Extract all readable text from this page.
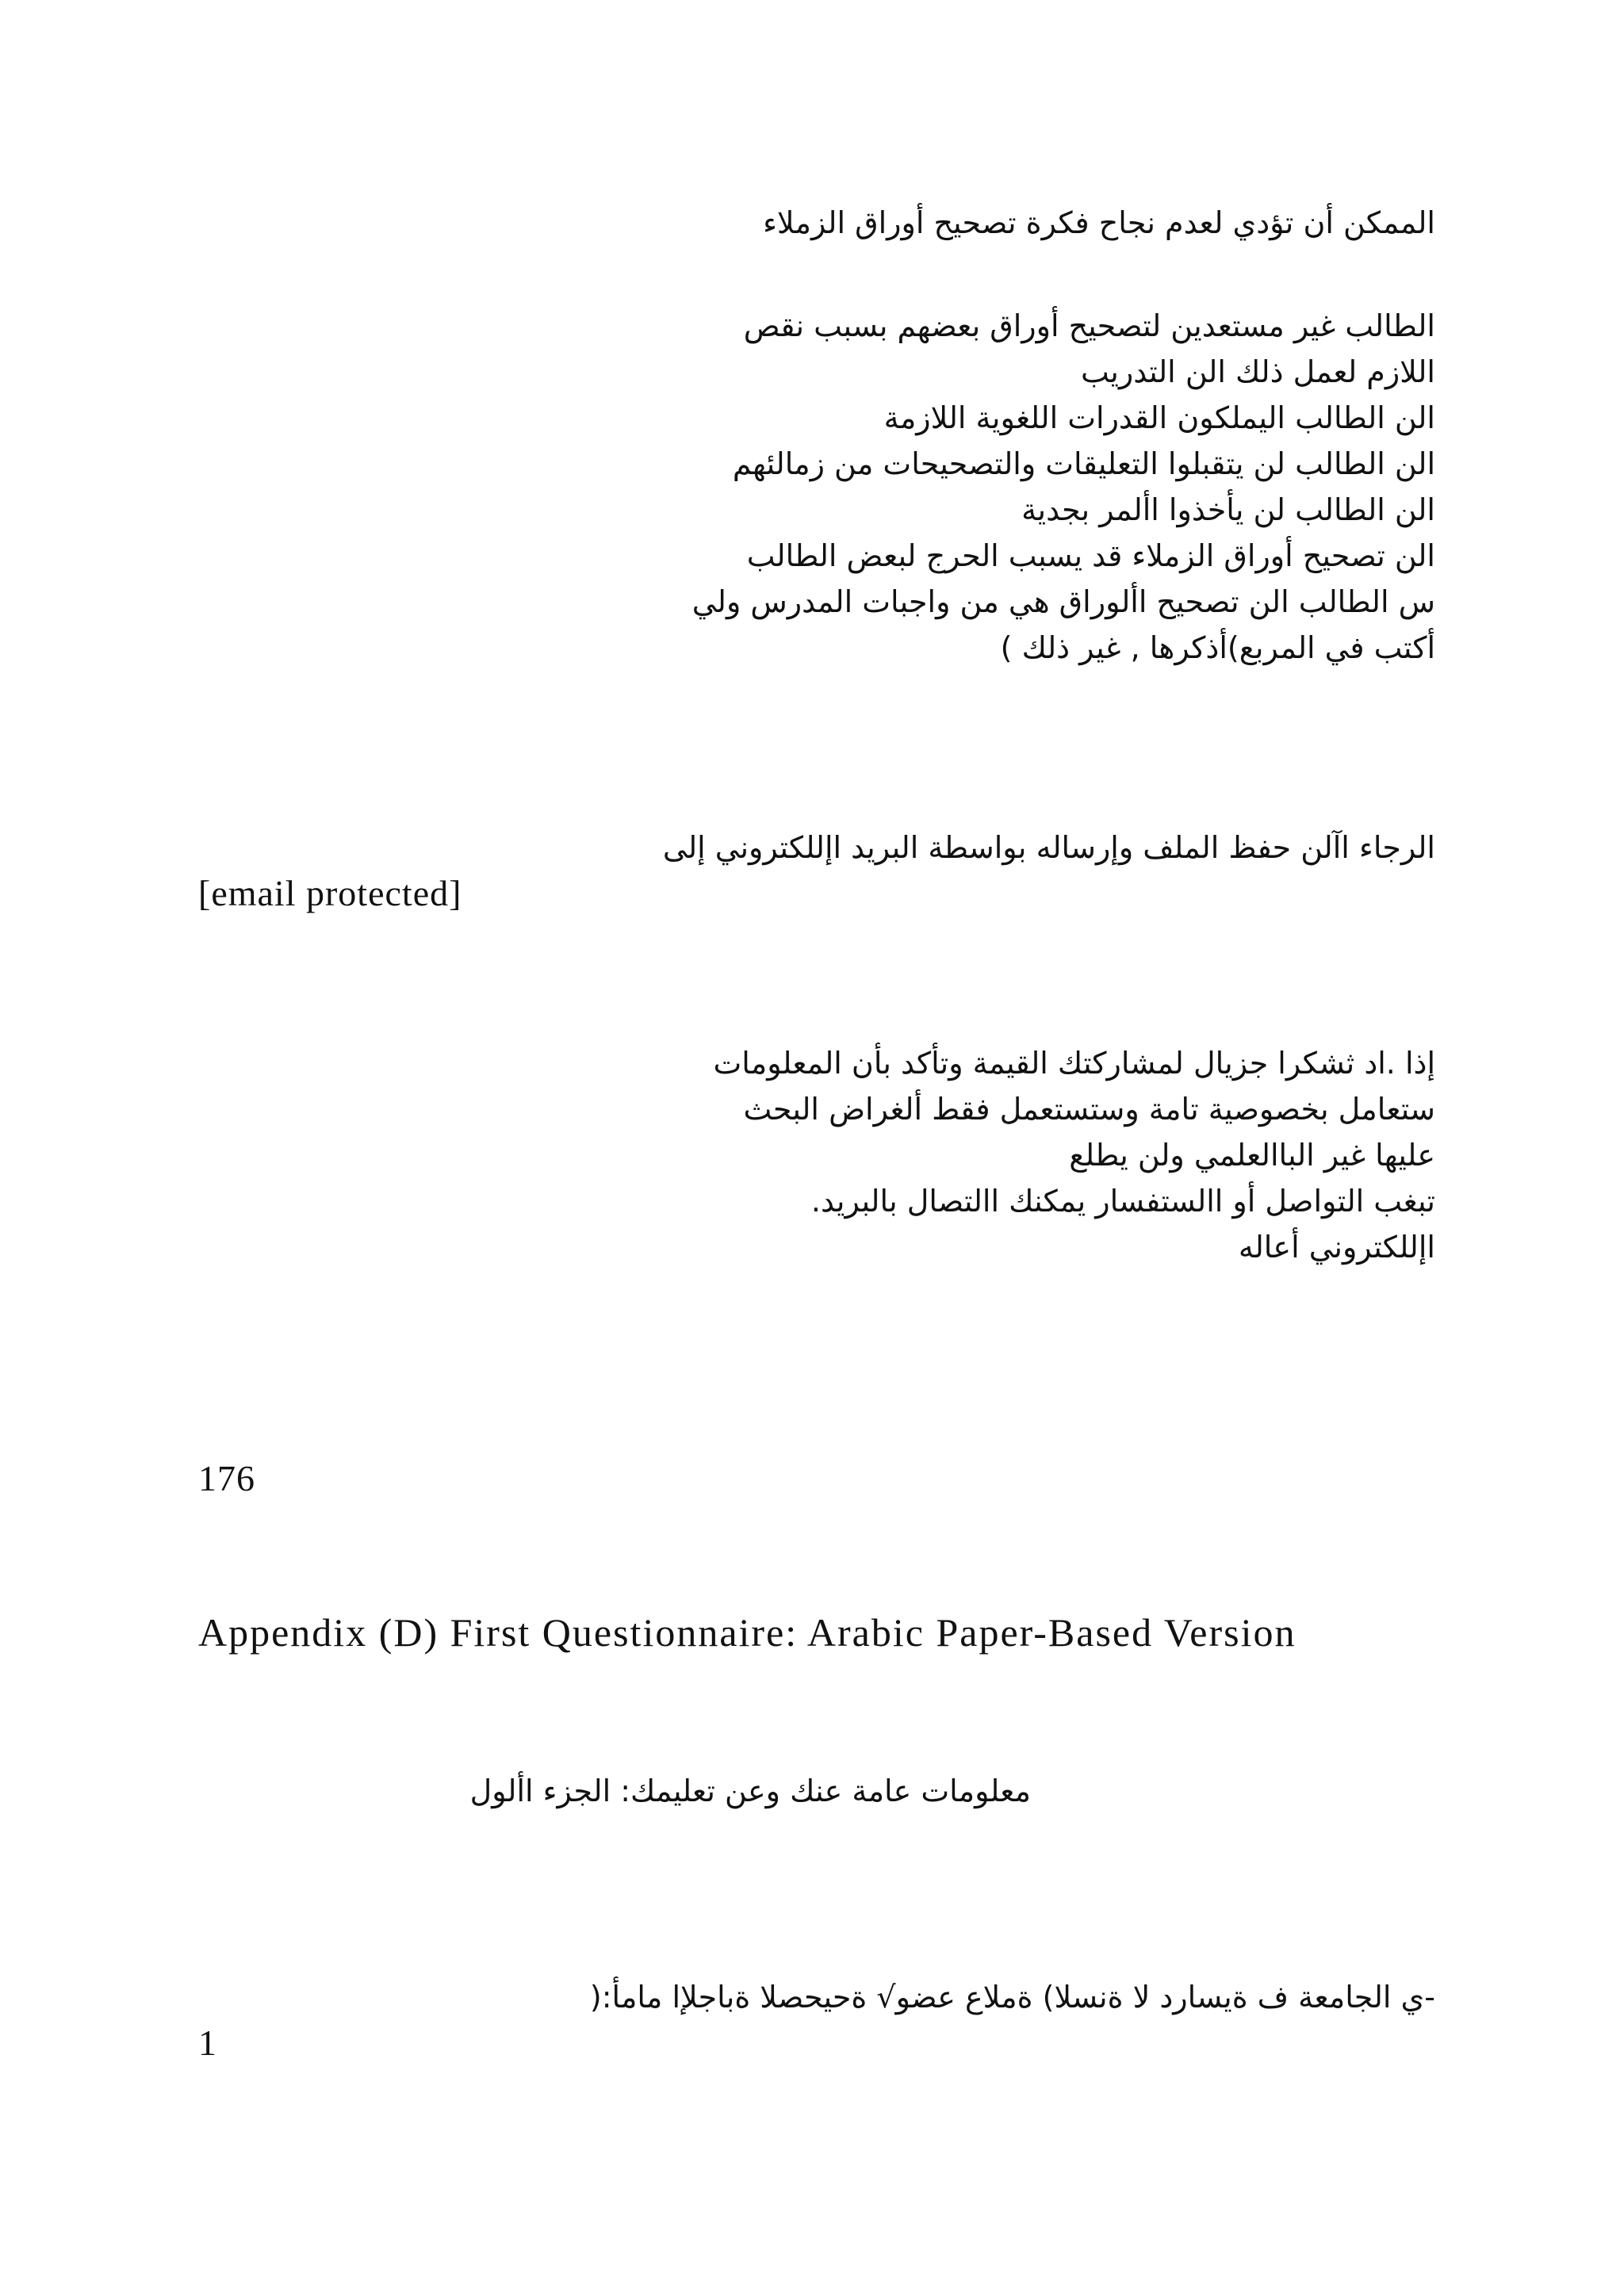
الممكن أن تؤدي لعدم نجاح فكرة تصحيح أوراق الزملاء
الطالب غير مستعدين لتصحيح أوراق بعضهم بسبب نقص
اللازم لعمل ذلك الن التدريب
الن الطالب اليملكون القدرات اللغوية اللازمة
الن الطالب لن يتقبلوا التعليقات والتصحيحات من زمالئهم
الن الطالب لن يأخذوا األمر بجدية
الن تصحيح أوراق الزملاء قد يسبب الحرج لبعض الطالب
س الطالب الن تصحيح األوراق هي من واجبات المدرس ولي
أكتب في المربع)أذكرها , غير ذلك )
الرجاء اآلن حفظ الملف وإرساله بواسطة البريد اإللكتروني إلى
[email protected]
إذا .اد ثشكرا جزيال لمشاركتك القيمة وتأكد بأن المعلومات
ستعامل بخصوصية تامة وستستعمل فقط ألغراض البحث
عليها غير الباالعلمي ولن يطلع
تبغب التواصل أو االستفسار يمكنك االتصال بالبريد.
اإللكتروني أعاله
176
Appendix (D) First Questionnaire: Arabic Paper-Based Version
معلومات عامة عنك وعن تعليمك: الجزء األول
-ي الجامعة ف ةيسارد لا ةنسلا) ةملاع عضو√ ةحيحصلا ةباجلإا مامأ:(
1
